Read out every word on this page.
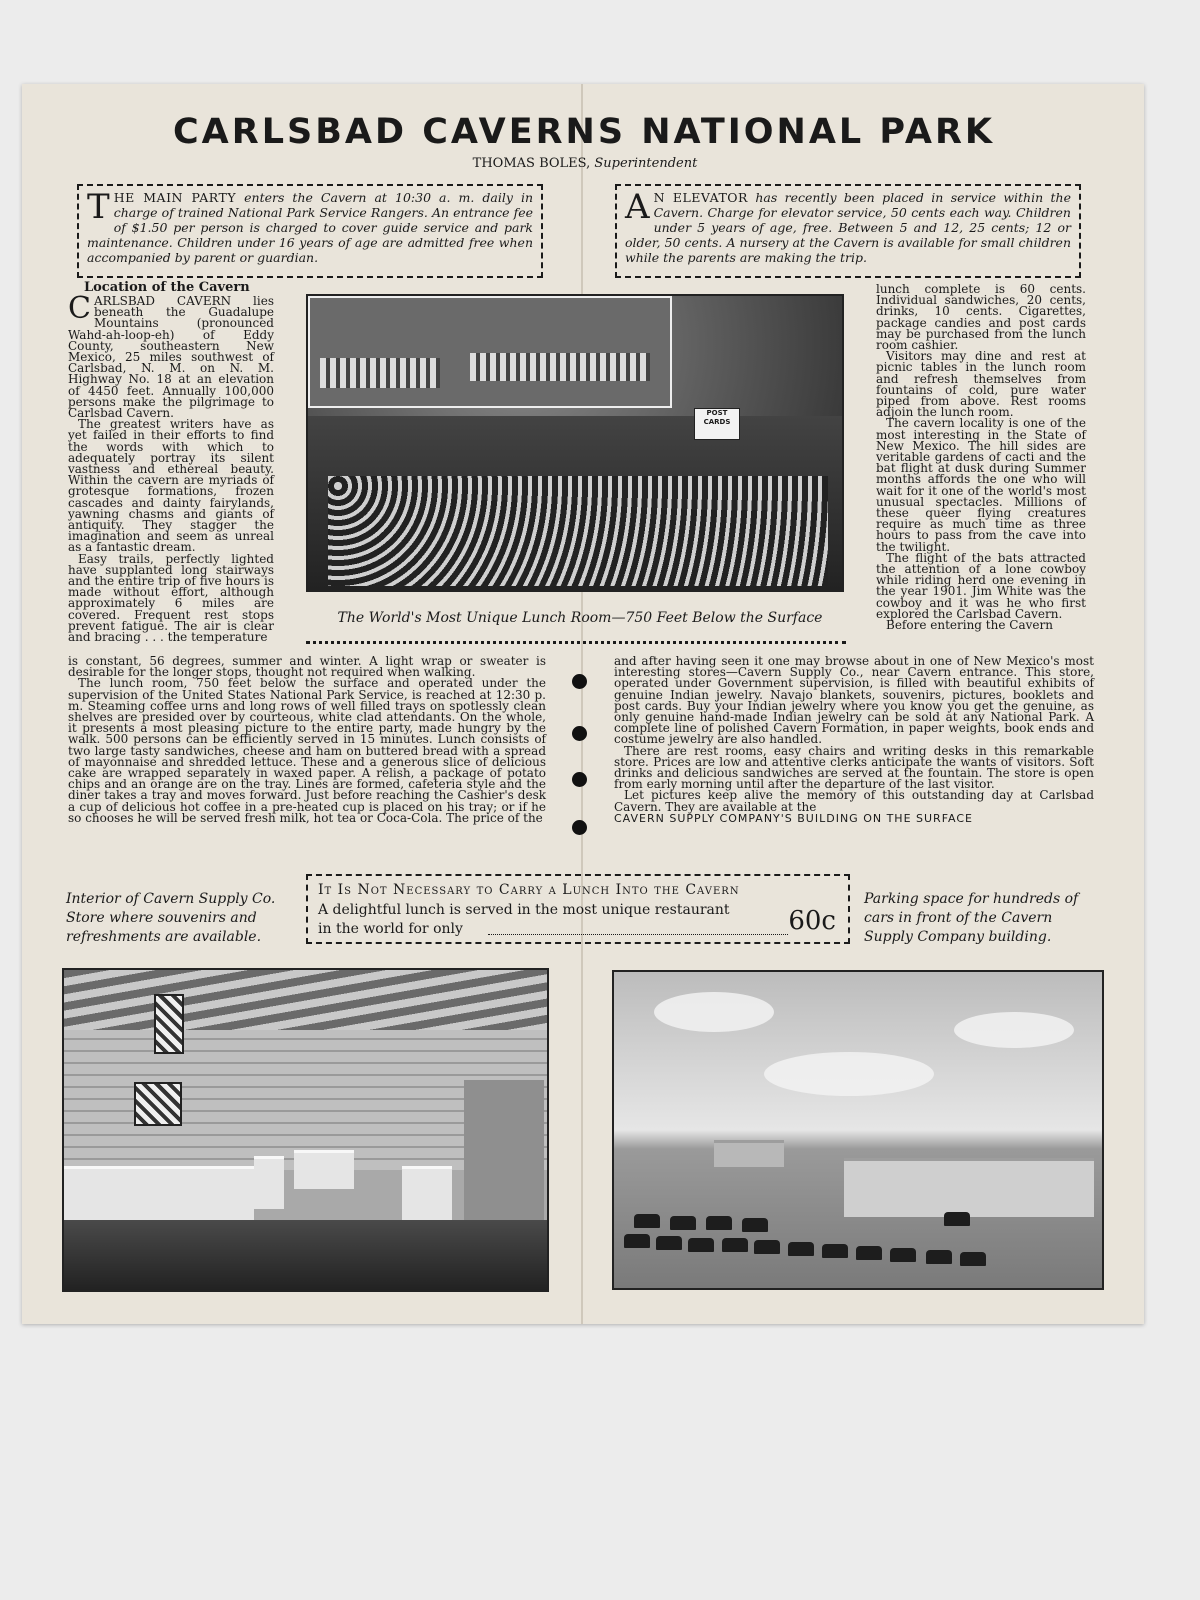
CARLSBAD CAVERNS NATIONAL PARK
THOMAS BOLES, Superintendent
T HE MAIN PARTY enters the Cavern at 10:30 a. m. daily in charge of trained National Park Service Rangers. An entrance fee of $1.50 per person is charged to cover guide service and park maintenance. Children under 16 years of age are admitted free when accompanied by parent or guardian.
A N ELEVATOR has recently been placed in service within the Cavern. Charge for elevator service, 50 cents each way. Children under 5 years of age, free. Between 5 and 12, 25 cents; 12 or older, 50 cents. A nursery at the Cavern is available for small children while the parents are making the trip.
Location of the Cavern

CARLSBAD CAVERN lies beneath the Guadalupe Mountains (pronounced Wahd-ah-loop-eh) of Eddy County, southeastern New Mexico, 25 miles southwest of Carlsbad, N. M. on N. M. Highway No. 18 at an elevation of 4450 feet. Annually 100,000 persons make the pilgrimage to Carlsbad Cavern.

The greatest writers have as yet failed in their efforts to find the words with which to adequately portray its silent vastness and ethereal beauty. Within the cavern are myriads of grotesque formations, frozen cascades and dainty fairylands, yawning chasms and giants of antiquity. They stagger the imagination and seem as unreal as a fantastic dream.

Easy trails, perfectly lighted have supplanted long stairways and the entire trip of five hours is made without effort, although approximately 6 miles are covered. Frequent rest stops prevent fatigue. The air is clear and bracing . . . the temperature

POST CARDS
The World's Most Unique Lunch Room—750 Feet Below the Surface

lunch complete is 60 cents. Individual sandwiches, 20 cents, drinks, 10 cents. Cigarettes, package candies and post cards may be purchased from the lunch room cashier.

Visitors may dine and rest at picnic tables in the lunch room and refresh themselves from fountains of cold, pure water piped from above. Rest rooms adjoin the lunch room.

The cavern locality is one of the most interesting in the State of New Mexico. The hill sides are veritable gardens of cacti and the bat flight at dusk during Summer months affords the one who will wait for it one of the world's most unusual spectacles. Millions of these queer flying creatures require as much time as three hours to pass from the cave into the twilight.

The flight of the bats attracted the attention of a lone cowboy while riding herd one evening in the year 1901. Jim White was the cowboy and it was he who first explored the Carlsbad Cavern.

Before entering the Cavern

is constant, 56 degrees, summer and winter. A light wrap or sweater is desirable for the longer stops, thought not required when walking.

The lunch room, 750 feet below the surface and operated under the supervision of the United States National Park Service, is reached at 12:30 p. m. Steaming coffee urns and long rows of well filled trays on spotlessly clean shelves are presided over by courteous, white clad attendants. On the whole, it presents a most pleasing picture to the entire party, made hungry by the walk. 500 persons can be efficiently served in 15 minutes. Lunch consists of two large tasty sandwiches, cheese and ham on buttered bread with a spread of mayonnaise and shredded lettuce. These and a generous slice of delicious cake are wrapped separately in waxed paper. A relish, a package of potato chips and an orange are on the tray. Lines are formed, cafeteria style and the diner takes a tray and moves forward. Just before reaching the Cashier's desk a cup of delicious hot coffee in a pre-heated cup is placed on his tray; or if he so chooses he will be served fresh milk, hot tea or Coca-Cola. The price of the

and after having seen it one may browse about in one of New Mexico's most interesting stores—Cavern Supply Co., near Cavern entrance. This store, operated under Government supervision, is filled with beautiful exhibits of genuine Indian jewelry. Navajo blankets, souvenirs, pictures, booklets and post cards. Buy your Indian jewelry where you know you get the genuine, as only genuine hand-made Indian jewelry can be sold at any National Park. A complete line of polished Cavern Formation, in paper weights, book ends and costume jewelry are also handled.

There are rest rooms, easy chairs and writing desks in this remarkable store. Prices are low and attentive clerks anticipate the wants of visitors. Soft drinks and delicious sandwiches are served at the fountain. The store is open from early morning until after the departure of the last visitor.

Let pictures keep alive the memory of this outstanding day at Carlsbad Cavern. They are available at the

CAVERN SUPPLY COMPANY'S BUILDING ON THE SURFACE

Interior of Cavern Supply Co. Store where souvenirs and refreshments are available.
It Is Not Necessary to Carry a Lunch Into the Cavern
A delightful lunch is served in the most unique restaurant
in the world for only	60c
Parking space for hundreds of cars in front of the Cavern Supply Company building.
